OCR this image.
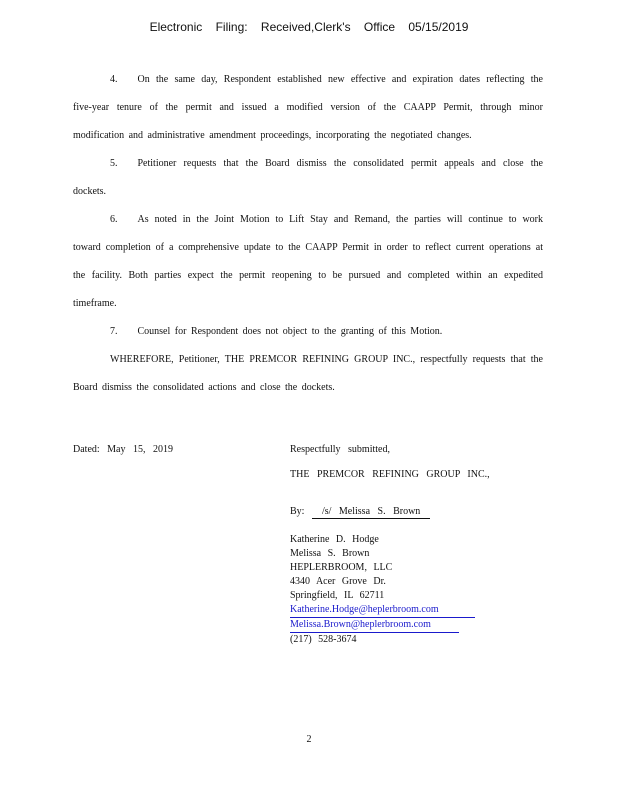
Electronic Filing: Received,Clerk's Office 05/15/2019

4.  On the same day, Respondent established new effective and expiration dates reflecting the five-year tenure of the permit and issued a modified version of the CAAPP Permit, through minor modification and administrative amendment proceedings, incorporating the negotiated changes.

5.  Petitioner requests that the Board dismiss the consolidated permit appeals and close the dockets.

6.  As noted in the Joint Motion to Lift Stay and Remand, the parties will continue to work toward completion of a comprehensive update to the CAAPP Permit in order to reflect current operations at the facility. Both parties expect the permit reopening to be pursued and completed within an expedited timeframe.

7.  Counsel for Respondent does not object to the granting of this Motion.

WHEREFORE, Petitioner, THE PREMCOR REFINING GROUP INC., respectfully requests that the Board dismiss the consolidated actions and close the dockets.

Dated: May 15, 2019	Respectfully submitted,
THE PREMCOR REFINING GROUP INC.,
By: /s/ Melissa S. Brown
Katherine D. Hodge
Melissa S. Brown
HEPLERBROOM, LLC
4340 Acer Grove Dr.
Springfield, IL 62711
Katherine.Hodge@heplerbroom.com
Melissa.Brown@heplerbroom.com
(217) 528-3674
2
